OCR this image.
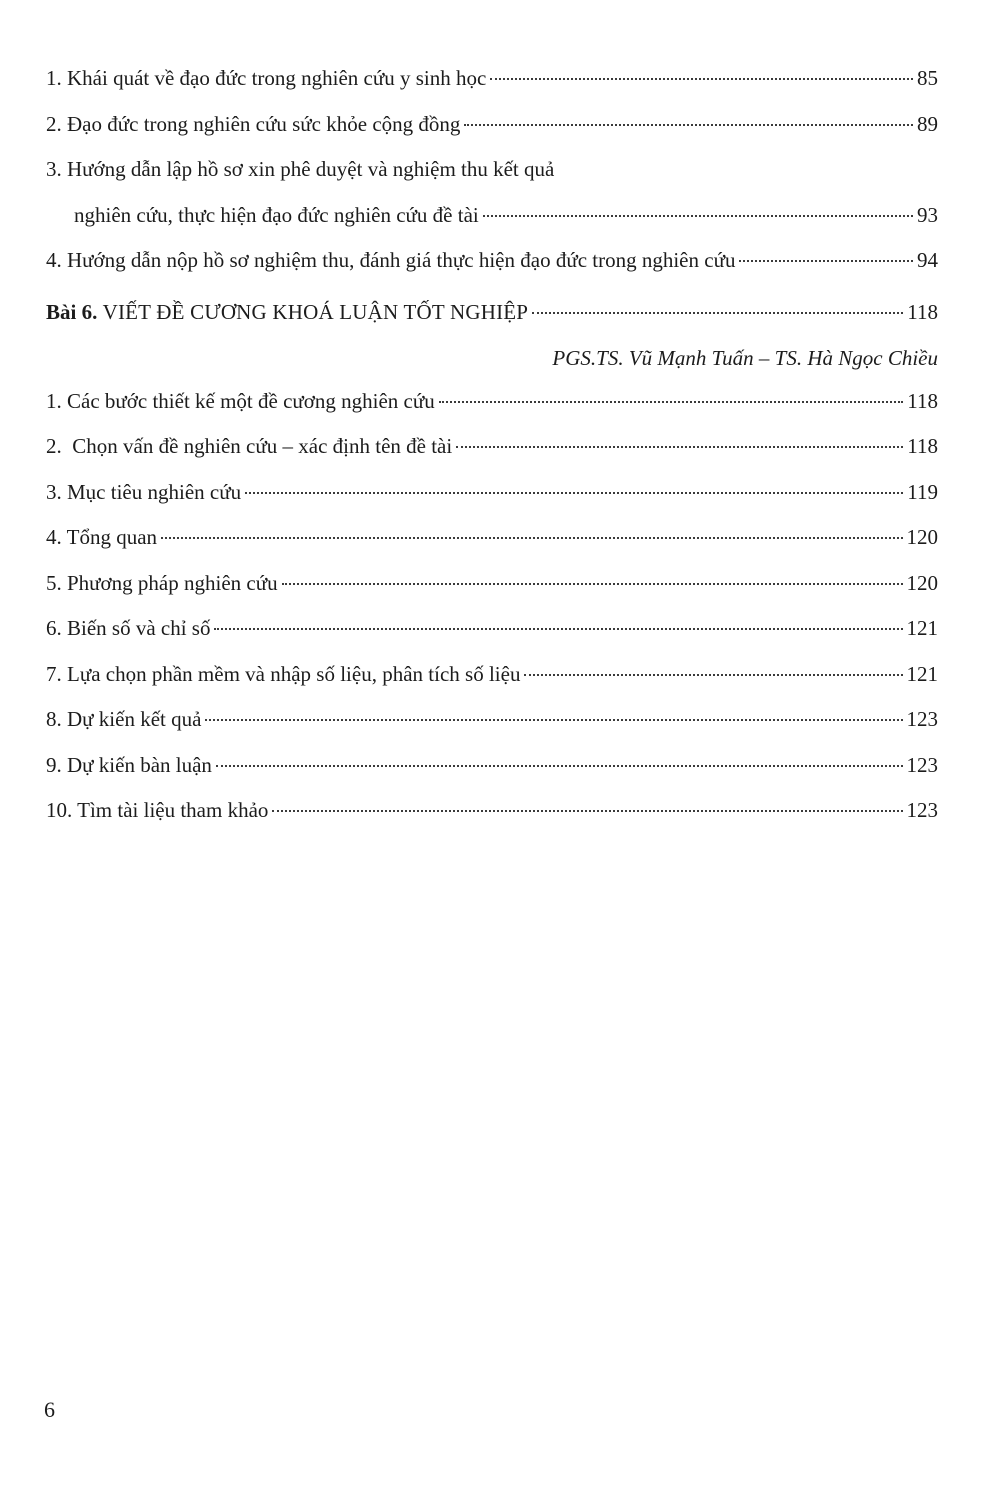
1. Khái quát về đạo đức trong nghiên cứu y sinh học	85
2. Đạo đức trong nghiên cứu sức khỏe cộng đồng	89
3. Hướng dẫn lập hồ sơ xin phê duyệt và nghiệm thu kết quả
nghiên cứu, thực hiện đạo đức nghiên cứu đề tài	93
4. Hướng dẫn nộp hồ sơ nghiệm thu, đánh giá thực hiện đạo đức trong nghiên cứu	94
Bài 6. VIẾT ĐỀ CƯƠNG KHOÁ LUẬN TỐT NGHIỆP	118
PGS.TS. Vũ Mạnh Tuấn – TS. Hà Ngọc Chiều
1. Các bước thiết kế một đề cương nghiên cứu	118
2.  Chọn vấn đề nghiên cứu – xác định tên đề tài	118
3. Mục tiêu nghiên cứu	119
4. Tổng quan	120
5. Phương pháp nghiên cứu	120
6. Biến số và chỉ số	121
7. Lựa chọn phần mềm và nhập số liệu, phân tích số liệu	121
8. Dự kiến kết quả	123
9. Dự kiến bàn luận	123
10. Tìm tài liệu tham khảo	123
6
